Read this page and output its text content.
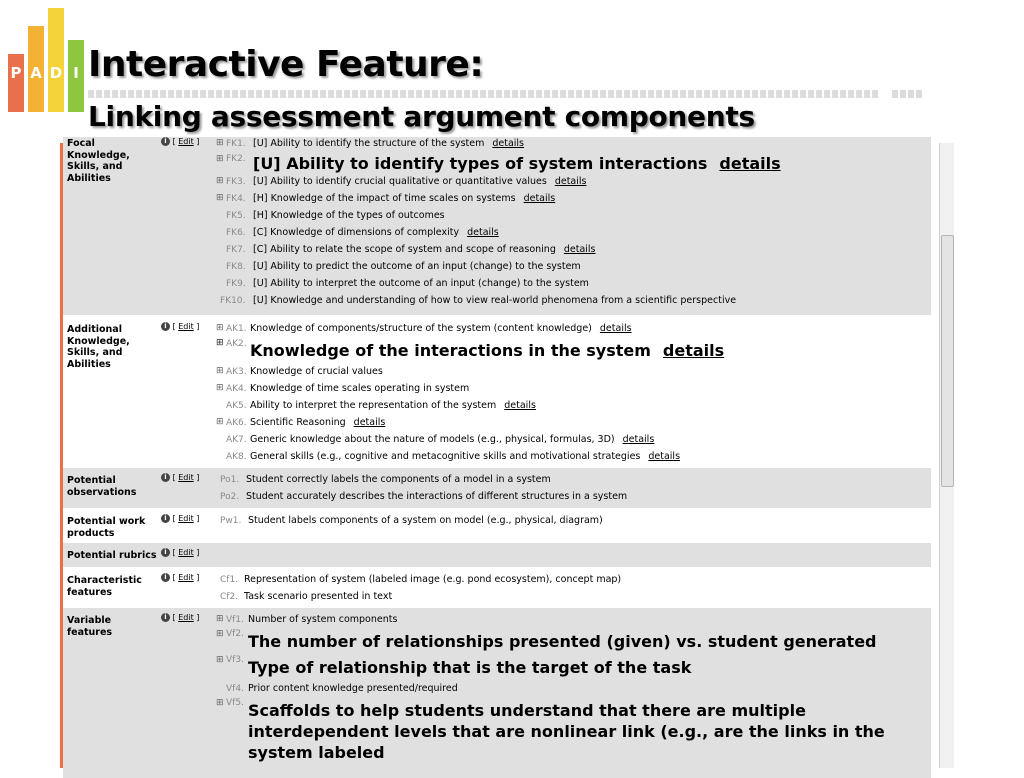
P A D I Interactive Feature:
Linking assessment argument components
Focal Knowledge, Skills, and Abilities
i [ Edit ] ⊞ FK1. [U] Ability to identify the structure of the system details
⊞ FK2. [U] Ability to identify types of system interactions details
⊞ FK3. [U] Ability to identify crucial qualitative or quantitative values details
⊞ FK4. [H] Knowledge of the impact of time scales on systems details
FK5. [H] Knowledge of the types of outcomes
FK6. [C] Knowledge of dimensions of complexity details
FK7. [C] Ability to relate the scope of system and scope of reasoning details
FK8. [U] Ability to predict the outcome of an input (change) to the system
FK9. [U] Ability to interpret the outcome of an input (change) to the system
FK10. [U] Knowledge and understanding of how to view real-world phenomena from a scientific perspective
Additional Knowledge, Skills, and Abilities
i [ Edit ] ⊞ AK1. Knowledge of components/structure of the system (content knowledge) details
⊞ AK2. Knowledge of the interactions in the system details
⊞ AK3. Knowledge of crucial values
⊞ AK4. Knowledge of time scales operating in system
AK5. Ability to interpret the representation of the system details
⊞ AK6. Scientific Reasoning details
AK7. Generic knowledge about the nature of models (e.g., physical, formulas, 3D) details
AK8. General skills (e.g., cognitive and metacognitive skills and motivational strategies details
Potential observations
i [ Edit ] Po1. Student correctly labels the components of a model in a system
Po2. Student accurately describes the interactions of different structures in a system
Potential work products
i [ Edit ] Pw1. Student labels components of a system on model (e.g., physical, diagram)
Potential rubrics	i [ Edit ]
Characteristic features
i [ Edit ] Cf1. Representation of system (labeled image (e.g. pond ecosystem), concept map)
Cf2. Task scenario presented in text
Variable features
i [ Edit ] ⊞ Vf1. Number of system components
⊞ Vf2. The number of relationships presented (given) vs. student generated
⊞ Vf3. Type of relationship that is the target of the task
Vf4. Prior content knowledge presented/required
⊞ Vf5. Scaffolds to help students understand that there are multiple interdependent levels that are nonlinear link (e.g., are the links in the system labeled
